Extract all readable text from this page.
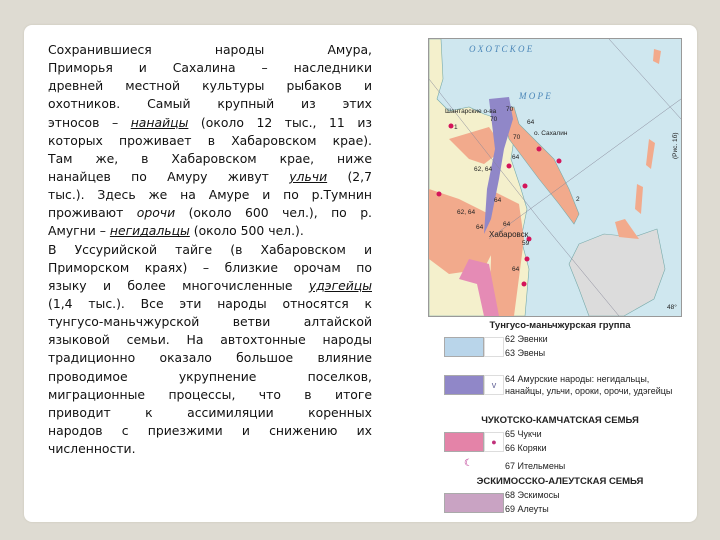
Сохранившиеся народы Амура,
Приморья и Сахалина – наследники
древней местной культуры рыбаков и
охотников. Самый крупный из этих
этносов – нанайцы (около 12 тыс., 11 из
которых проживает в Хабаровском крае).
Там же, в Хабаровском крае, ниже
нанайцев по Амуру живут ульчи (2,7
тыс.). Здесь же на Амуре и по р.Тумнин
проживают орочи (около 600 чел.), по р.
Амугни – негидальцы (около 500 чел.).
В Уссурийской тайге (в Хабаровском и
Приморском краях) – близкие орочам по
языку и более многочисленные удэгейцы
(1,4 тыс.). Все эти народы относятся к
тунгусо-маньчжурской ветви алтайской
языковой семьи. На автохтонные народы
традиционно оказало большое влияние
проводимое укрупнение поселков,
миграционные процессы, что в итоге
приводит к ассимиляции коренных
народов с приезжими и снижению их
численности.
О Х О Т С К О Е
М О Р Е
Шантарские о-ва
о. Сахалин
Хабаровск
48°
(Рис. 1б)
70
64
70
70
64
62, 64
64
62, 64
64
64
59
64
2
1
Тунгусо-маньчжурская группа
62 Эвенки
63 Эвены
v
64 Амурские народы: негидальцы, нанайцы, ульчи, ороки, орочи, удэгейцы
ЧУКОТСКО-КАМЧАТСКАЯ СЕМЬЯ
●
65 Чукчи
66 Коряки
☾	67 Ительмены
ЭСКИМОССКО-АЛЕУТСКАЯ СЕМЬЯ
68 Эскимосы
69 Алеуты
